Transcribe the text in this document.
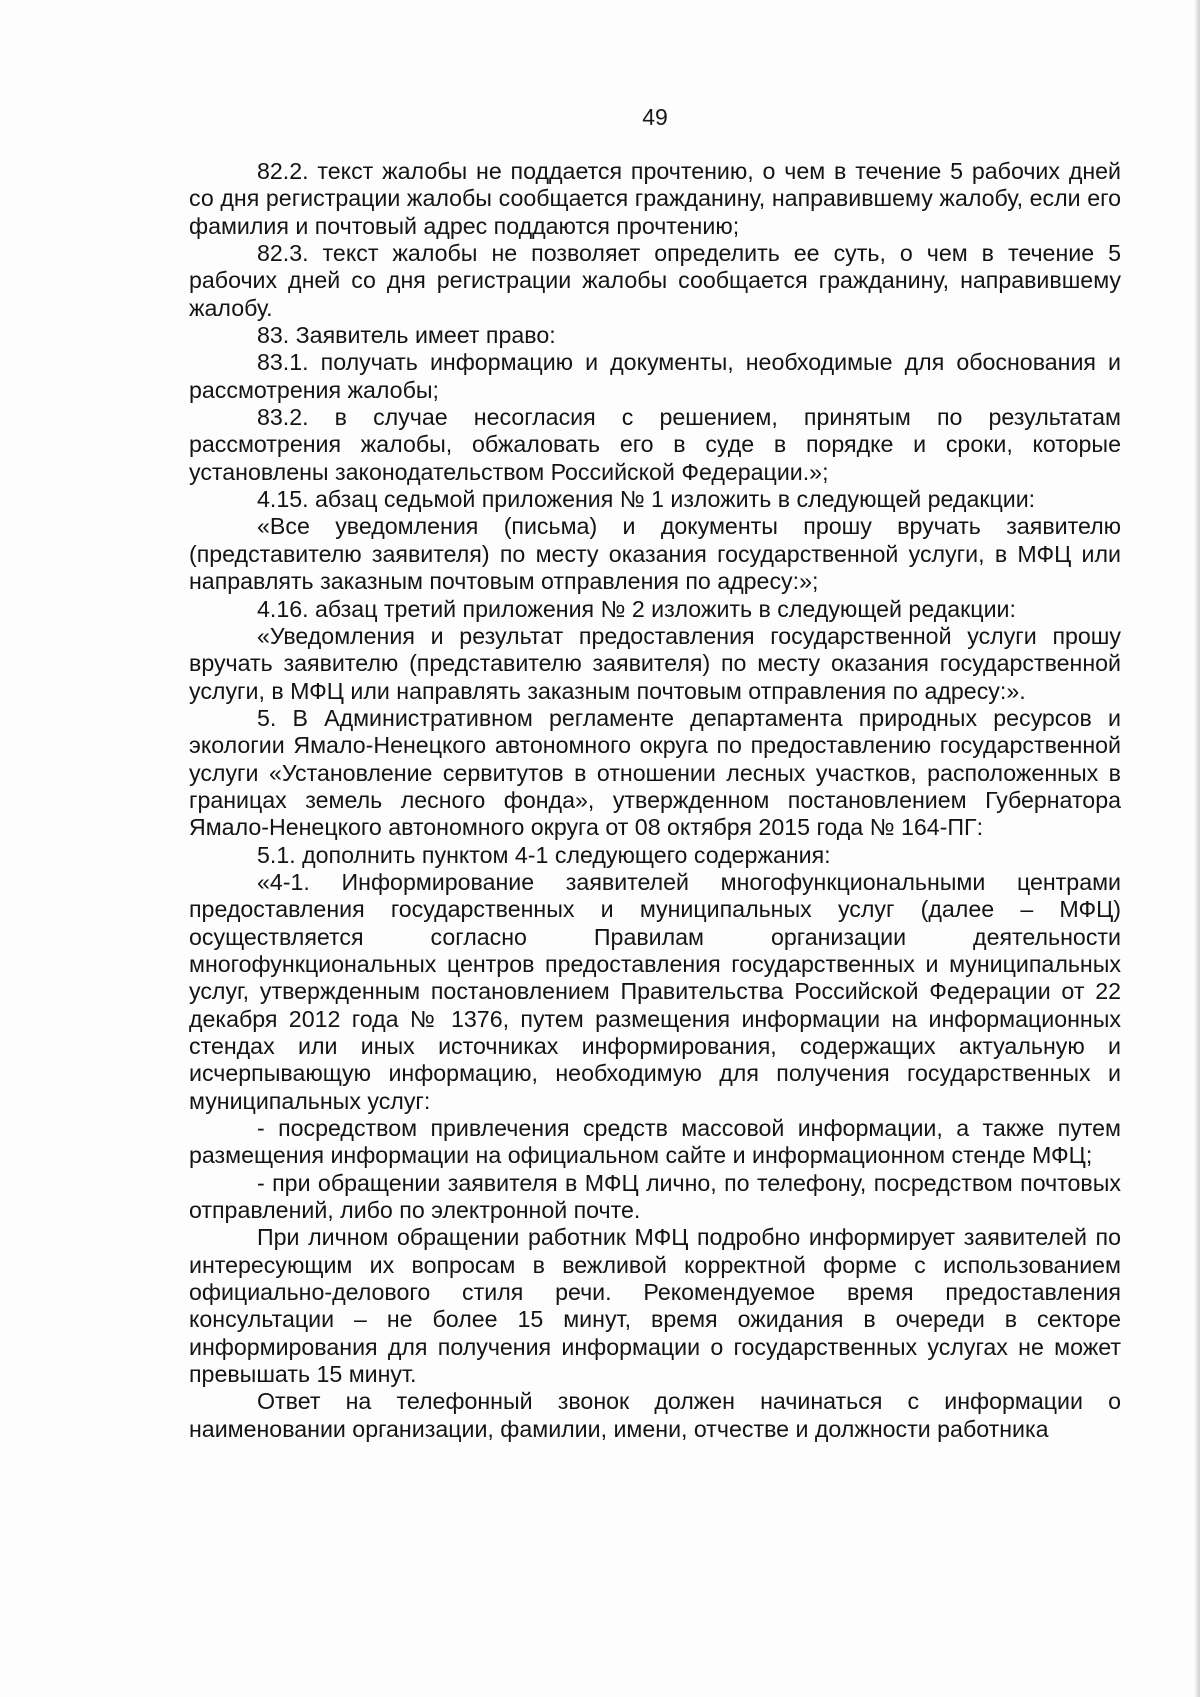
49

82.2. текст жалобы не поддается прочтению, о чем в течение 5 рабочих дней со дня регистрации жалобы сообщается гражданину, направившему жалобу, если его фамилия и почтовый адрес поддаются прочтению;

82.3. текст жалобы не позволяет определить ее суть, о чем в течение 5 рабочих дней со дня регистрации жалобы сообщается гражданину, направившему жалобу.

83. Заявитель имеет право:

83.1. получать информацию и документы, необходимые для обоснования и рассмотрения жалобы;

83.2. в случае несогласия с решением, принятым по результатам рассмотрения жалобы, обжаловать его в суде в порядке и сроки, которые установлены законодательством Российской Федерации.»;

4.15. абзац седьмой приложения № 1 изложить в следующей редакции:

«Все уведомления (письма) и документы прошу вручать заявителю (представителю заявителя) по месту оказания государственной услуги, в МФЦ или направлять заказным почтовым отправления по адресу:»;

4.16. абзац третий приложения № 2 изложить в следующей редакции:

«Уведомления и результат предоставления государственной услуги прошу вручать заявителю (представителю заявителя) по месту оказания государственной услуги, в МФЦ или направлять заказным почтовым отправления по адресу:».

5. В Административном регламенте департамента природных ресурсов и экологии Ямало-Ненецкого автономного округа по предоставлению государственной услуги «Установление сервитутов в отношении лесных участков, расположенных в границах земель лесного фонда», утвержденном постановлением Губернатора Ямало-Ненецкого автономного округа от 08 октября 2015 года № 164-ПГ:

5.1. дополнить пунктом 4-1 следующего содержания:

«4-1. Информирование заявителей многофункциональными центрами предоставления государственных и муниципальных услуг (далее – МФЦ) осуществляется согласно Правилам организации деятельности многофункциональных центров предоставления государственных и муниципальных услуг, утвержденным постановлением Правительства Российской Федерации от 22 декабря 2012 года № 1376, путем размещения информации на информационных стендах или иных источниках информирования, содержащих актуальную и исчерпывающую информацию, необходимую для получения государственных и муниципальных услуг:

- посредством привлечения средств массовой информации, а также путем размещения информации на официальном сайте и информационном стенде МФЦ;

- при обращении заявителя в МФЦ лично, по телефону, посредством почтовых отправлений, либо по электронной почте.

При личном обращении работник МФЦ подробно информирует заявителей по интересующим их вопросам в вежливой корректной форме с использованием официально-делового стиля речи. Рекомендуемое время предоставления консультации – не более 15 минут, время ожидания в очереди в секторе информирования для получения информации о государственных услугах не может превышать 15 минут.

Ответ на телефонный звонок должен начинаться с информации о наименовании организации, фамилии, имени, отчестве и должности работника
